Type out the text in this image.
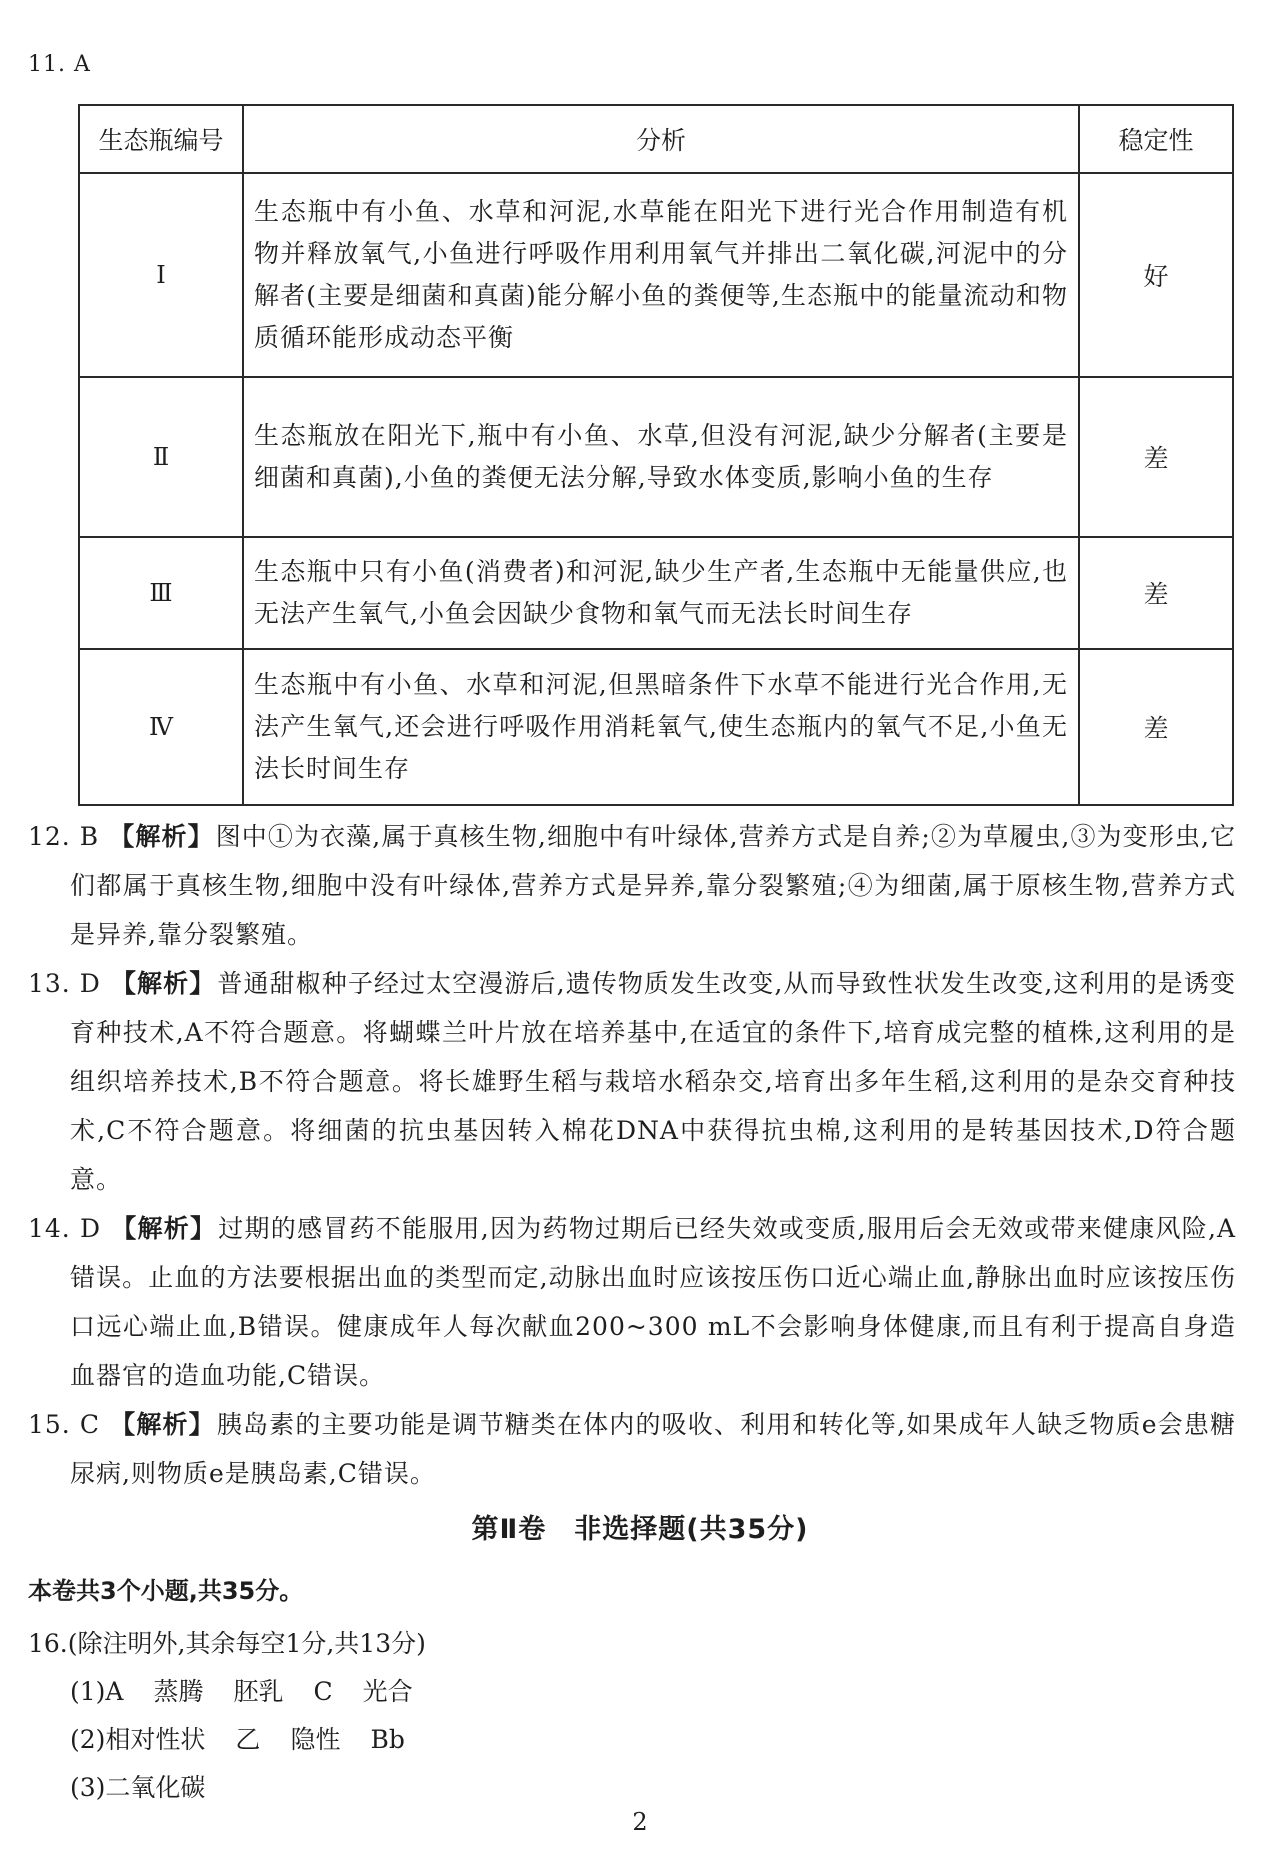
11. A
生态瓶编号	分析	稳定性
Ⅰ	生态瓶中有小鱼、水草和河泥,水草能在阳光下进行光合作用制造有机物并释放氧气,小鱼进行呼吸作用利用氧气并排出二氧化碳,河泥中的分解者(主要是细菌和真菌)能分解小鱼的粪便等,生态瓶中的能量流动和物质循环能形成动态平衡	好
Ⅱ	生态瓶放在阳光下,瓶中有小鱼、水草,但没有河泥,缺少分解者(主要是细菌和真菌),小鱼的粪便无法分解,导致水体变质,影响小鱼的生存	差
Ⅲ	生态瓶中只有小鱼(消费者)和河泥,缺少生产者,生态瓶中无能量供应,也无法产生氧气,小鱼会因缺少食物和氧气而无法长时间生存	差
Ⅳ	生态瓶中有小鱼、水草和河泥,但黑暗条件下水草不能进行光合作用,无法产生氧气,还会进行呼吸作用消耗氧气,使生态瓶内的氧气不足,小鱼无法长时间生存	差

12. B 【解析】图中①为衣藻,属于真核生物,细胞中有叶绿体,营养方式是自养;②为草履虫,③为变形虫,它们都属于真核生物,细胞中没有叶绿体,营养方式是异养,靠分裂繁殖;④为细菌,属于原核生物,营养方式是异养,靠分裂繁殖。

13. D 【解析】普通甜椒种子经过太空漫游后,遗传物质发生改变,从而导致性状发生改变,这利用的是诱变育种技术,A不符合题意。将蝴蝶兰叶片放在培养基中,在适宜的条件下,培育成完整的植株,这利用的是组织培养技术,B不符合题意。将长雄野生稻与栽培水稻杂交,培育出多年生稻,这利用的是杂交育种技术,C不符合题意。将细菌的抗虫基因转入棉花DNA中获得抗虫棉,这利用的是转基因技术,D符合题意。

14. D 【解析】过期的感冒药不能服用,因为药物过期后已经失效或变质,服用后会无效或带来健康风险,A错误。止血的方法要根据出血的类型而定,动脉出血时应该按压伤口近心端止血,静脉出血时应该按压伤口远心端止血,B错误。健康成年人每次献血200~300 mL不会影响身体健康,而且有利于提高自身造血器官的造血功能,C错误。

15. C 【解析】胰岛素的主要功能是调节糖类在体内的吸收、利用和转化等,如果成年人缺乏物质e会患糖尿病,则物质e是胰岛素,C错误。

第Ⅱ卷　非选择题(共35分)
本卷共3个小题,共35分。
16.(除注明外,其余每空1分,共13分)
(1)A 蒸腾 胚乳 C 光合
(2)相对性状 乙 隐性 Bb
(3)二氧化碳
2
